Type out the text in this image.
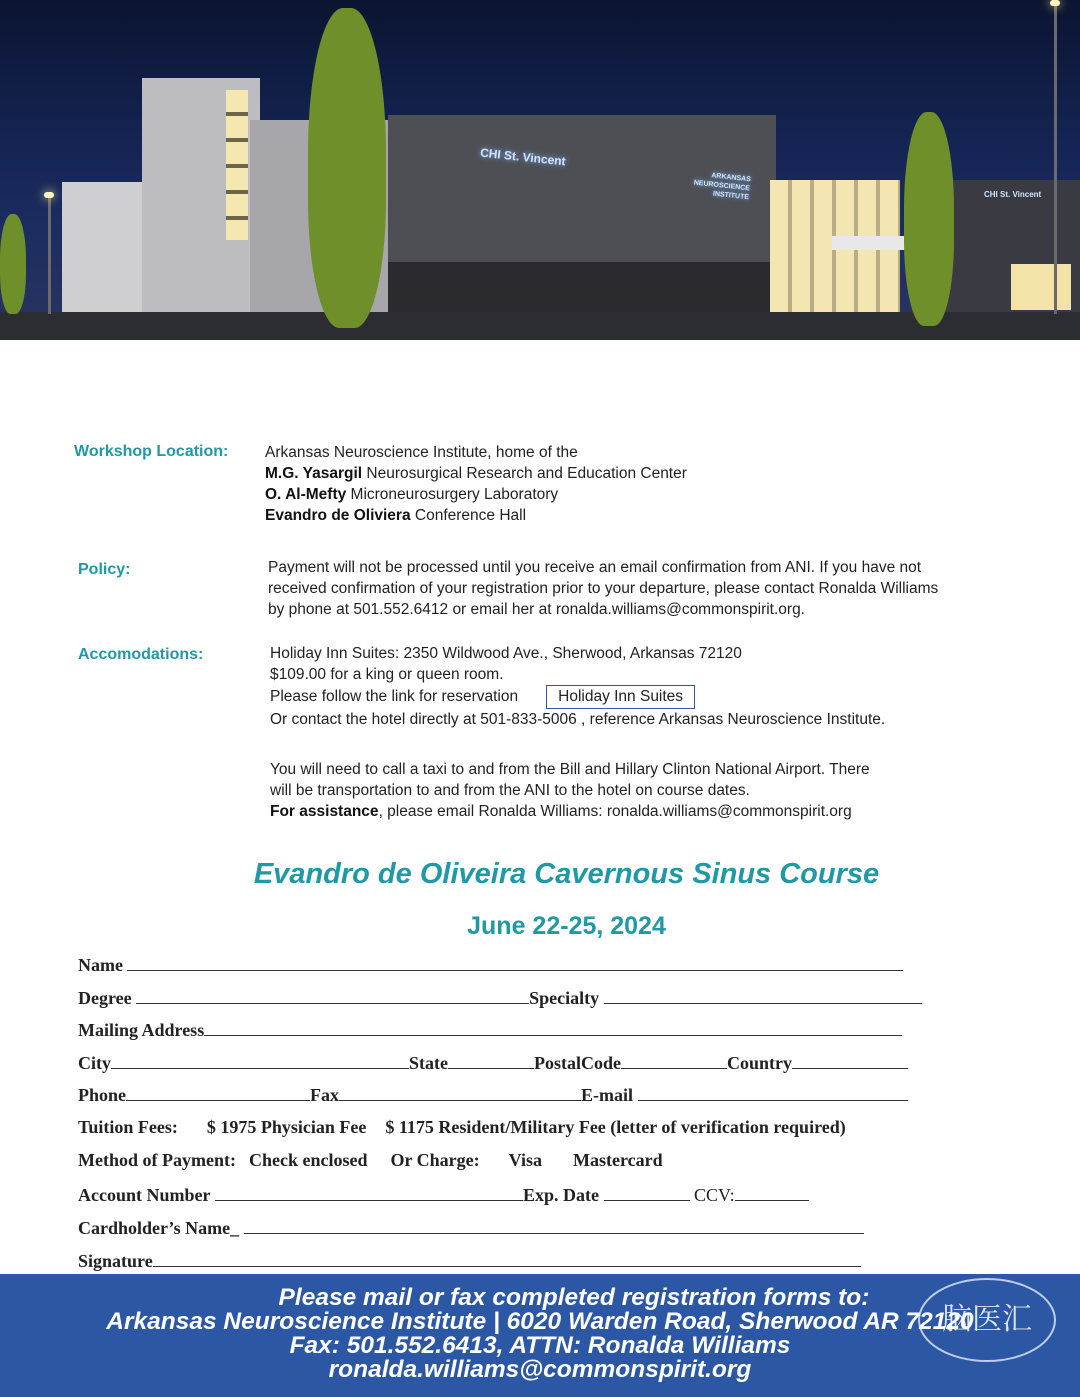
CHI St. Vincent
ARKANSAS NEUROSCIENCE INSTITUTE	CHI St. Vincent
Workshop Location: Arkansas Neuroscience Institute, home of the
M.G. Yasargil Neurosurgical Research and Education Center
O. Al-Mefty Microneurosurgery Laboratory
Evandro de Oliviera Conference Hall
Policy:	Payment will not be processed until you receive an email confirmation from ANI. If you have not
received confirmation of your registration prior to your departure, please contact Ronalda Williams
by phone at 501.552.6412 or email her at ronalda.williams@commonspirit.org.
Accomodations:	Holiday Inn Suites: 2350 Wildwood Ave., Sherwood, Arkansas 72120
$109.00 for a king or queen room.
Please follow the link for reservation	Holiday Inn Suites
Or contact the hotel directly at 501-833-5006 , reference Arkansas Neuroscience Institute.
You will need to call a taxi to and from the Bill and Hillary Clinton National Airport. There
will be transportation to and from the ANI to the hotel on course dates.
For assistance, please email Ronalda Williams: ronalda.williams@commonspirit.org
Evandro de Oliveira Cavernous Sinus Course
June 22-25, 2024
Name
Degree	Specialty
Mailing Address
City	State	PostalCode	Country
Phone	Fax	E-mail
Tuition Fees: $ 1975 Physician Fee $ 1175 Resident/Military Fee (letter of verification required)
Method of Payment: Check enclosed Or Charge: Visa Mastercard
Account Number	Exp. Date	CCV:
Cardholder’s Name_
Signature
Please mail or fax completed registration forms to:
Arkansas Neuroscience Institute | 6020 Warden Road, Sherwood AR 72120
Fax: 501.552.6413, ATTN: Ronalda Williams
ronalda.williams@commonspirit.org
脑医汇
